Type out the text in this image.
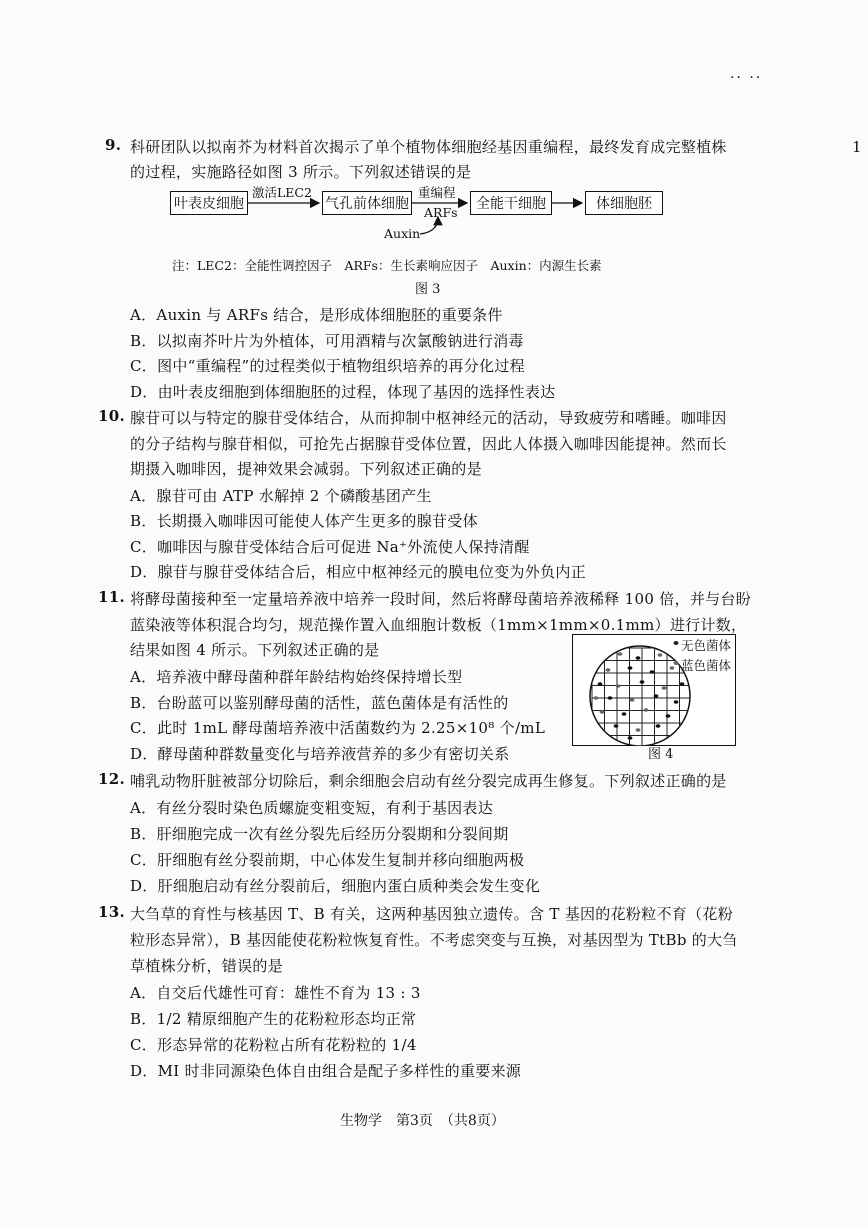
·· ··
1
9. 科研团队以拟南芥为材料首次揭示了单个植物体细胞经基因重编程，最终发育成完整植株
的过程，实施路径如图 3 所示。下列叙述错误的是
叶表皮细胞	气孔前体细胞	全能干细胞	体细胞胚
激活LEC2	重编程
ARFs
Auxin
注：LEC2：全能性调控因子　ARFs：生长素响应因子　Auxin：内源生长素
图 3
A．Auxin 与 ARFs 结合，是形成体细胞胚的重要条件
B．以拟南芥叶片为外植体，可用酒精与次氯酸钠进行消毒
C．图中“重编程”的过程类似于植物组织培养的再分化过程
D．由叶表皮细胞到体细胞胚的过程，体现了基因的选择性表达
10. 腺苷可以与特定的腺苷受体结合，从而抑制中枢神经元的活动，导致疲劳和嗜睡。咖啡因
的分子结构与腺苷相似，可抢先占据腺苷受体位置，因此人体摄入咖啡因能提神。然而长
期摄入咖啡因，提神效果会减弱。下列叙述正确的是
A．腺苷可由 ATP 水解掉 2 个磷酸基团产生
B．长期摄入咖啡因可能使人体产生更多的腺苷受体
C．咖啡因与腺苷受体结合后可促进 Na⁺外流使人保持清醒
D．腺苷与腺苷受体结合后，相应中枢神经元的膜电位变为外负内正
11. 将酵母菌接种至一定量培养液中培养一段时间，然后将酵母菌培养液稀释 100 倍，并与台盼
蓝染液等体积混合均匀，规范操作置入血细胞计数板（1mm×1mm×0.1mm）进行计数，
结果如图 4 所示。下列叙述正确的是
A．培养液中酵母菌种群年龄结构始终保持增长型
B．台盼蓝可以鉴别酵母菌的活性，蓝色菌体是有活性的
C．此时 1mL 酵母菌培养液中活菌数约为 2.25×10⁸ 个/mL
D．酵母菌种群数量变化与培养液营养的多少有密切关系
无色菌体
蓝色菌体
图 4
12. 哺乳动物肝脏被部分切除后，剩余细胞会启动有丝分裂完成再生修复。下列叙述正确的是
A．有丝分裂时染色质螺旋变粗变短，有利于基因表达
B．肝细胞完成一次有丝分裂先后经历分裂期和分裂间期
C．肝细胞有丝分裂前期，中心体发生复制并移向细胞两极
D．肝细胞启动有丝分裂前后，细胞内蛋白质种类会发生变化
13. 大刍草的育性与核基因 T、B 有关，这两种基因独立遗传。含 T 基因的花粉粒不育（花粉
粒形态异常），B 基因能使花粉粒恢复育性。不考虑突变与互换，对基因型为 TtBb 的大刍
草植株分析，错误的是
A．自交后代雄性可育：雄性不育为 13 : 3
B．1/2 精原细胞产生的花粉粒形态均正常
C．形态异常的花粉粒占所有花粉粒的 1/4
D．MI 时非同源染色体自由组合是配子多样性的重要来源
生物学　第3页　（共8页）
